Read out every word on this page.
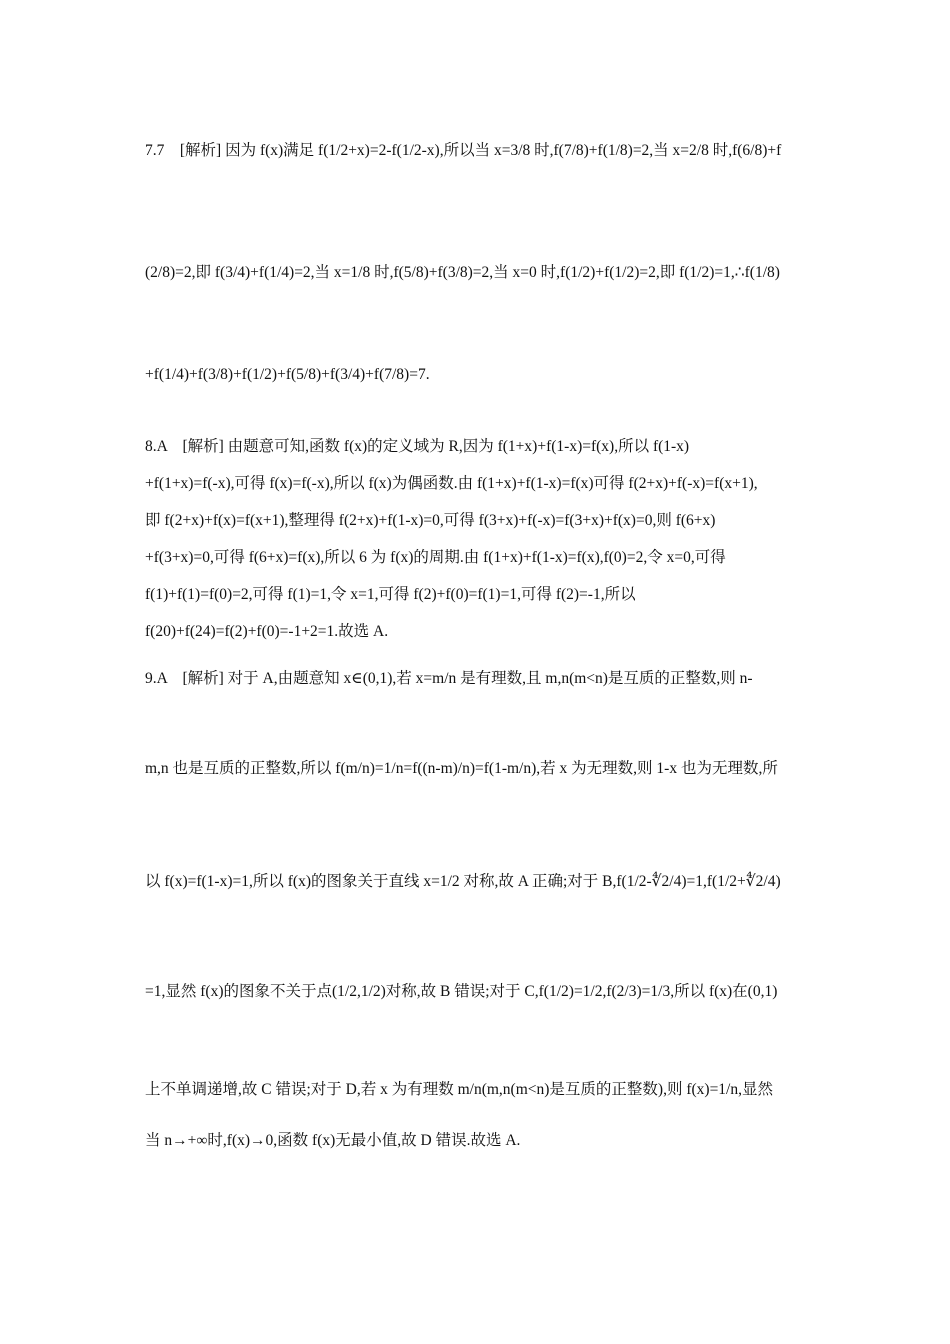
7.7　[解析] 因为 f(x)满足 f(1/2+x)=2-f(1/2-x),所以当 x=3/8 时,f(7/8)+f(1/8)=2,当 x=2/8 时,f(6/8)+f
(2/8)=2,即 f(3/4)+f(1/4)=2,当 x=1/8 时,f(5/8)+f(3/8)=2,当 x=0 时,f(1/2)+f(1/2)=2,即 f(1/2)=1,∴f(1/8)
+f(1/4)+f(3/8)+f(1/2)+f(5/8)+f(3/4)+f(7/8)=7.
8.A　[解析] 由题意可知,函数 f(x)的定义域为 R,因为 f(1+x)+f(1-x)=f(x),所以 f(1-x)
+f(1+x)=f(-x),可得 f(x)=f(-x),所以 f(x)为偶函数.由 f(1+x)+f(1-x)=f(x)可得 f(2+x)+f(-x)=f(x+1),
即 f(2+x)+f(x)=f(x+1),整理得 f(2+x)+f(1-x)=0,可得 f(3+x)+f(-x)=f(3+x)+f(x)=0,则 f(6+x)
+f(3+x)=0,可得 f(6+x)=f(x),所以 6 为 f(x)的周期.由 f(1+x)+f(1-x)=f(x),f(0)=2,令 x=0,可得
f(1)+f(1)=f(0)=2,可得 f(1)=1,令 x=1,可得 f(2)+f(0)=f(1)=1,可得 f(2)=-1,所以
f(20)+f(24)=f(2)+f(0)=-1+2=1.故选 A.
9.A　[解析] 对于 A,由题意知 x∈(0,1),若 x=m/n 是有理数,且 m,n(m<n)是互质的正整数,则 n-
m,n 也是互质的正整数,所以 f(m/n)=1/n=f((n-m)/n)=f(1-m/n),若 x 为无理数,则 1-x 也为无理数,所
以 f(x)=f(1-x)=1,所以 f(x)的图象关于直线 x=1/2 对称,故 A 正确;对于 B,f(1/2-∜2/4)=1,f(1/2+∜2/4)
=1,显然 f(x)的图象不关于点(1/2,1/2)对称,故 B 错误;对于 C,f(1/2)=1/2,f(2/3)=1/3,所以 f(x)在(0,1)
上不单调递增,故 C 错误;对于 D,若 x 为有理数 m/n(m,n(m<n)是互质的正整数),则 f(x)=1/n,显然
当 n→+∞时,f(x)→0,函数 f(x)无最小值,故 D 错误.故选 A.
